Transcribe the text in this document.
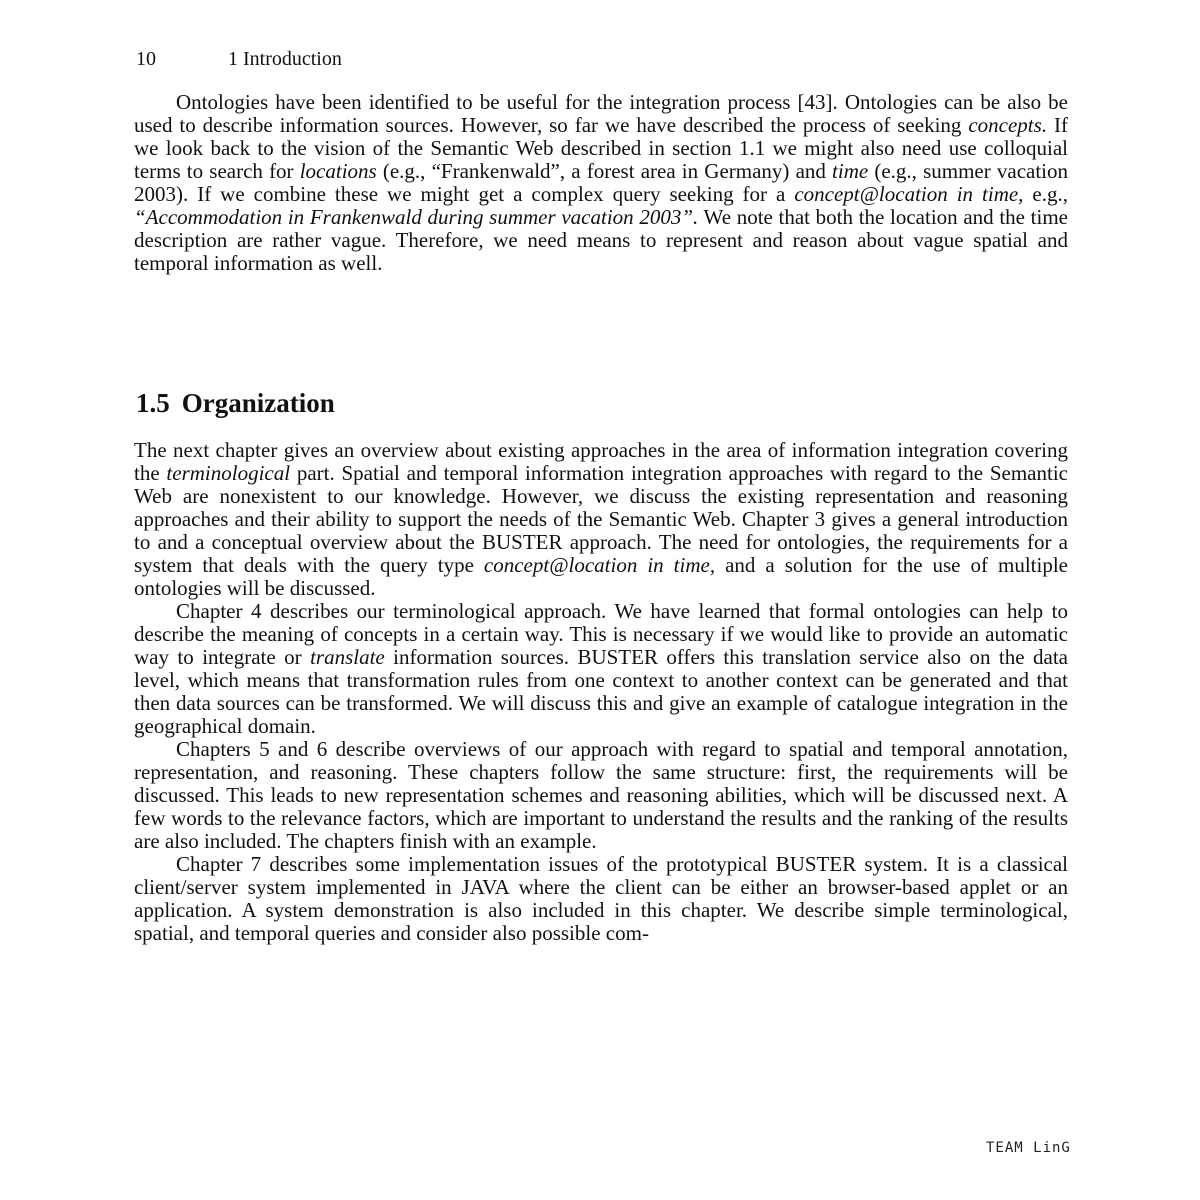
10	1 Introduction

Ontologies have been identified to be useful for the integration process [43]. Ontologies can be also be used to describe information sources. However, so far we have described the process of seeking concepts. If we look back to the vision of the Semantic Web described in section 1.1 we might also need use colloquial terms to search for locations (e.g., “Frankenwald”, a forest area in Germany) and time (e.g., summer vacation 2003). If we combine these we might get a complex query seeking for a concept@location in time, e.g., “Accommodation in Frankenwald during summer vacation 2003”. We note that both the location and the time description are rather vague. Therefore, we need means to represent and reason about vague spatial and temporal information as well.

1.5 Organization

The next chapter gives an overview about existing approaches in the area of information integration covering the terminological part. Spatial and temporal information integration approaches with regard to the Semantic Web are nonexistent to our knowledge. However, we discuss the existing representation and reasoning approaches and their ability to support the needs of the Semantic Web. Chapter 3 gives a general introduction to and a conceptual overview about the BUSTER approach. The need for ontologies, the requirements for a system that deals with the query type concept@location in time, and a solution for the use of multiple ontologies will be discussed.

Chapter 4 describes our terminological approach. We have learned that formal ontologies can help to describe the meaning of concepts in a certain way. This is necessary if we would like to provide an automatic way to integrate or translate information sources. BUSTER offers this translation service also on the data level, which means that transformation rules from one context to another context can be generated and that then data sources can be transformed. We will discuss this and give an example of catalogue integration in the geographical domain.

Chapters 5 and 6 describe overviews of our approach with regard to spatial and temporal annotation, representation, and reasoning. These chapters follow the same structure: first, the requirements will be discussed. This leads to new representation schemes and reasoning abilities, which will be discussed next. A few words to the relevance factors, which are important to understand the results and the ranking of the results are also included. The chapters finish with an example.

Chapter 7 describes some implementation issues of the prototypical BUSTER system. It is a classical client/server system implemented in JAVA where the client can be either an browser-based applet or an application. A system demonstration is also included in this chapter. We describe simple terminological, spatial, and temporal queries and consider also possible com-

TEAM LinG
